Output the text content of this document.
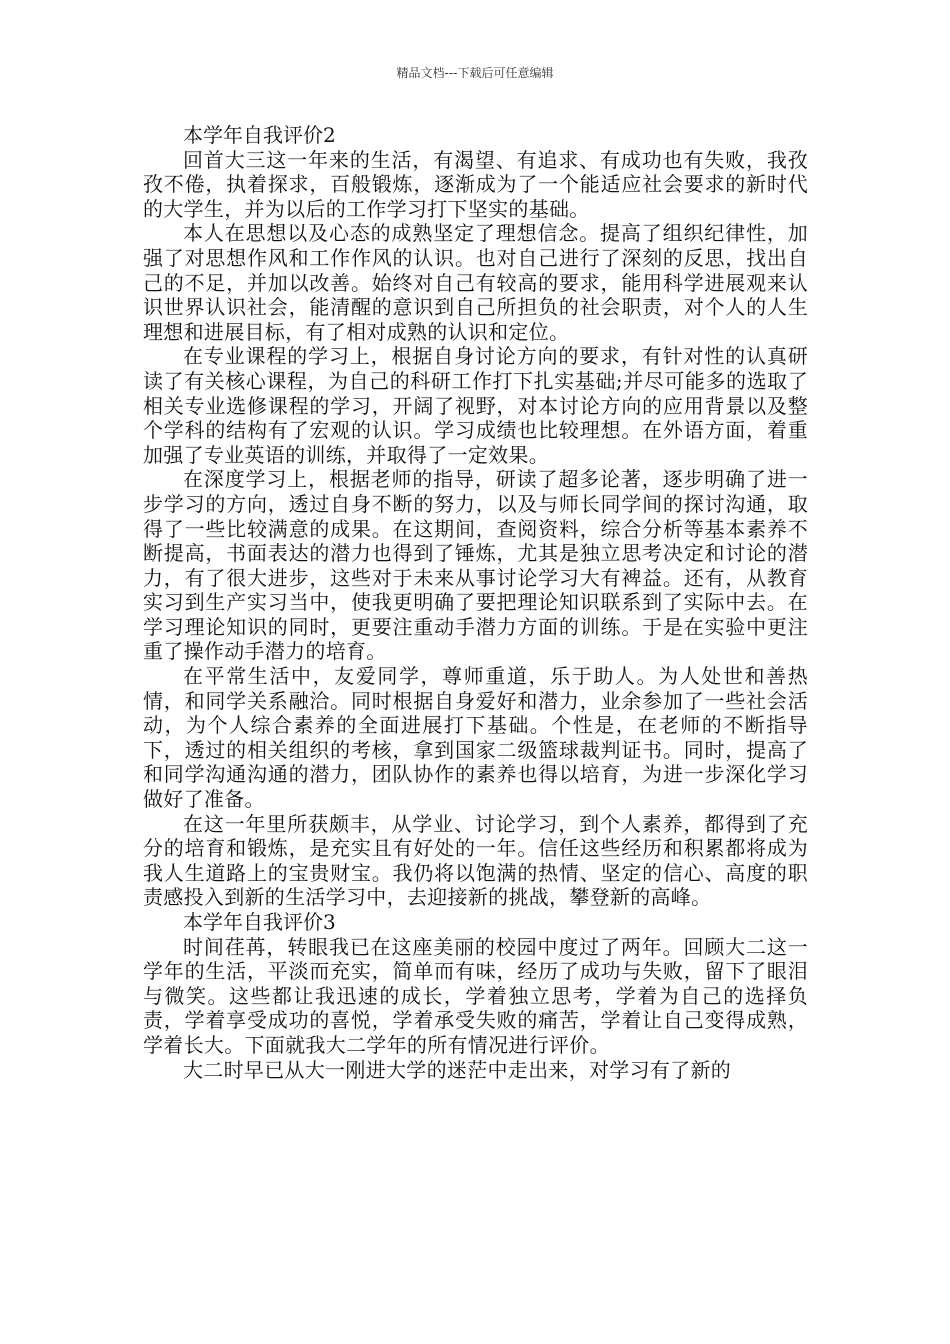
精品文档---下载后可任意编辑
本学年自我评价2

回首大三这一年来的生活，有渴望、有追求、有成功也有失败，我孜孜不倦，执着探求，百般锻炼，逐渐成为了一个能适应社会要求的新时代的大学生，并为以后的工作学习打下坚实的基础。

本人在思想以及心态的成熟坚定了理想信念。提高了组织纪律性，加强了对思想作风和工作作风的认识。也对自己进行了深刻的反思，找出自己的不足，并加以改善。始终对自己有较高的要求，能用科学进展观来认识世界认识社会，能清醒的意识到自己所担负的社会职责，对个人的人生理想和进展目标，有了相对成熟的认识和定位。

在专业课程的学习上，根据自身讨论方向的要求，有针对性的认真研读了有关核心课程，为自己的科研工作打下扎实基础;并尽可能多的选取了相关专业选修课程的学习，开阔了视野，对本讨论方向的应用背景以及整个学科的结构有了宏观的认识。学习成绩也比较理想。在外语方面，着重加强了专业英语的训练，并取得了一定效果。

在深度学习上，根据老师的指导，研读了超多论著，逐步明确了进一步学习的方向，透过自身不断的努力，以及与师长同学间的探讨沟通，取得了一些比较满意的成果。在这期间，查阅资料，综合分析等基本素养不断提高，书面表达的潜力也得到了锤炼，尤其是独立思考决定和讨论的潜力，有了很大进步，这些对于未来从事讨论学习大有裨益。还有，从教育实习到生产实习当中，使我更明确了要把理论知识联系到了实际中去。在学习理论知识的同时，更要注重动手潜力方面的训练。于是在实验中更注重了操作动手潜力的培育。

在平常生活中，友爱同学，尊师重道，乐于助人。为人处世和善热情，和同学关系融洽。同时根据自身爱好和潜力，业余参加了一些社会活动，为个人综合素养的全面进展打下基础。个性是，在老师的不断指导下，透过的相关组织的考核，拿到国家二级篮球裁判证书。同时，提高了和同学沟通沟通的潜力，团队协作的素养也得以培育，为进一步深化学习做好了准备。

在这一年里所获颇丰，从学业、讨论学习，到个人素养，都得到了充分的培育和锻炼，是充实且有好处的一年。信任这些经历和积累都将成为我人生道路上的宝贵财宝。我仍将以饱满的热情、坚定的信心、高度的职责感投入到新的生活学习中，去迎接新的挑战，攀登新的高峰。

本学年自我评价3

时间荏苒，转眼我已在这座美丽的校园中度过了两年。回顾大二这一学年的生活，平淡而充实，简单而有味，经历了成功与失败，留下了眼泪与微笑。这些都让我迅速的成长，学着独立思考，学着为自己的选择负责，学着享受成功的喜悦，学着承受失败的痛苦，学着让自己变得成熟，学着长大。下面就我大二学年的所有情况进行评价。

大二时早已从大一刚进大学的迷茫中走出来，对学习有了新的
